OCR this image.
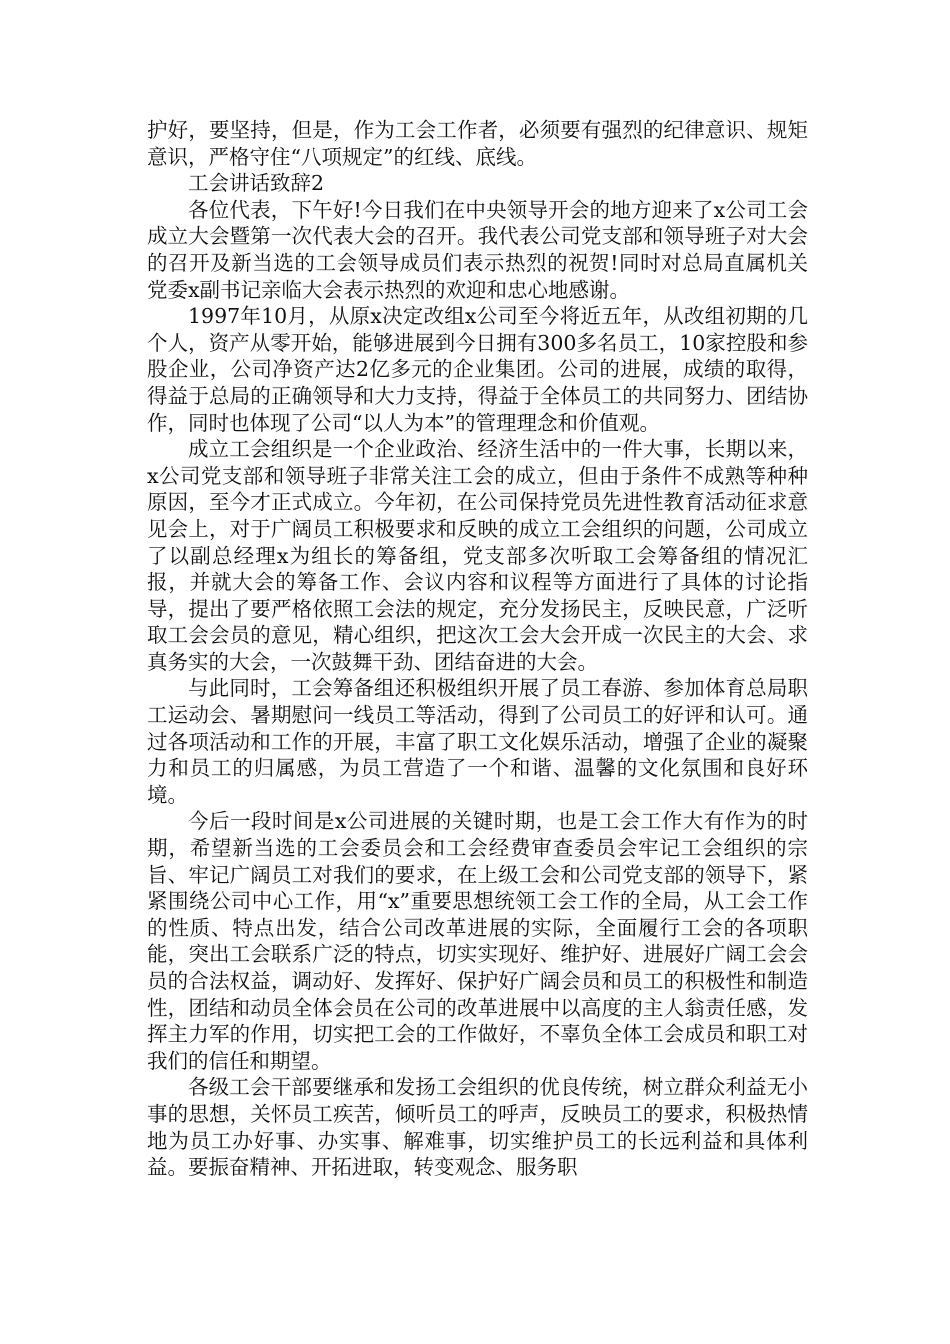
护好，要坚持，但是，作为工会工作者，必须要有强烈的纪律意识、规矩意识，严格守住“八项规定”的红线、底线。

工会讲话致辞2

各位代表，下午好!今日我们在中央领导开会的地方迎来了x公司工会成立大会暨第一次代表大会的召开。我代表公司党支部和领导班子对大会的召开及新当选的工会领导成员们表示热烈的祝贺!同时对总局直属机关党委x副书记亲临大会表示热烈的欢迎和忠心地感谢。

1997年10月，从原x决定改组x公司至今将近五年，从改组初期的几个人，资产从零开始，能够进展到今日拥有300多名员工，10家控股和参股企业，公司净资产达2亿多元的企业集团。公司的进展，成绩的取得，得益于总局的正确领导和大力支持，得益于全体员工的共同努力、团结协作，同时也体现了公司“以人为本”的管理理念和价值观。

成立工会组织是一个企业政治、经济生活中的一件大事，长期以来，x公司党支部和领导班子非常关注工会的成立，但由于条件不成熟等种种原因，至今才正式成立。今年初，在公司保持党员先进性教育活动征求意见会上，对于广阔员工积极要求和反映的成立工会组织的问题，公司成立了以副总经理x为组长的筹备组，党支部多次听取工会筹备组的情况汇报，并就大会的筹备工作、会议内容和议程等方面进行了具体的讨论指导，提出了要严格依照工会法的规定，充分发扬民主，反映民意，广泛听取工会会员的意见，精心组织，把这次工会大会开成一次民主的大会、求真务实的大会，一次鼓舞干劲、团结奋进的大会。

与此同时，工会筹备组还积极组织开展了员工春游、参加体育总局职工运动会、暑期慰问一线员工等活动，得到了公司员工的好评和认可。通过各项活动和工作的开展，丰富了职工文化娱乐活动，增强了企业的凝聚力和员工的归属感，为员工营造了一个和谐、温馨的文化氛围和良好环境。

今后一段时间是x公司进展的关键时期，也是工会工作大有作为的时期，希望新当选的工会委员会和工会经费审查委员会牢记工会组织的宗旨、牢记广阔员工对我们的要求，在上级工会和公司党支部的领导下，紧紧围绕公司中心工作，用“x”重要思想统领工会工作的全局，从工会工作的性质、特点出发，结合公司改革进展的实际，全面履行工会的各项职能，突出工会联系广泛的特点，切实实现好、维护好、进展好广阔工会会员的合法权益，调动好、发挥好、保护好广阔会员和员工的积极性和制造性，团结和动员全体会员在公司的改革进展中以高度的主人翁责任感，发挥主力军的作用，切实把工会的工作做好，不辜负全体工会成员和职工对我们的信任和期望。

各级工会干部要继承和发扬工会组织的优良传统，树立群众利益无小事的思想，关怀员工疾苦，倾听员工的呼声，反映员工的要求，积极热情地为员工办好事、办实事、解难事，切实维护员工的长远利益和具体利益。要振奋精神、开拓进取，转变观念、服务职
